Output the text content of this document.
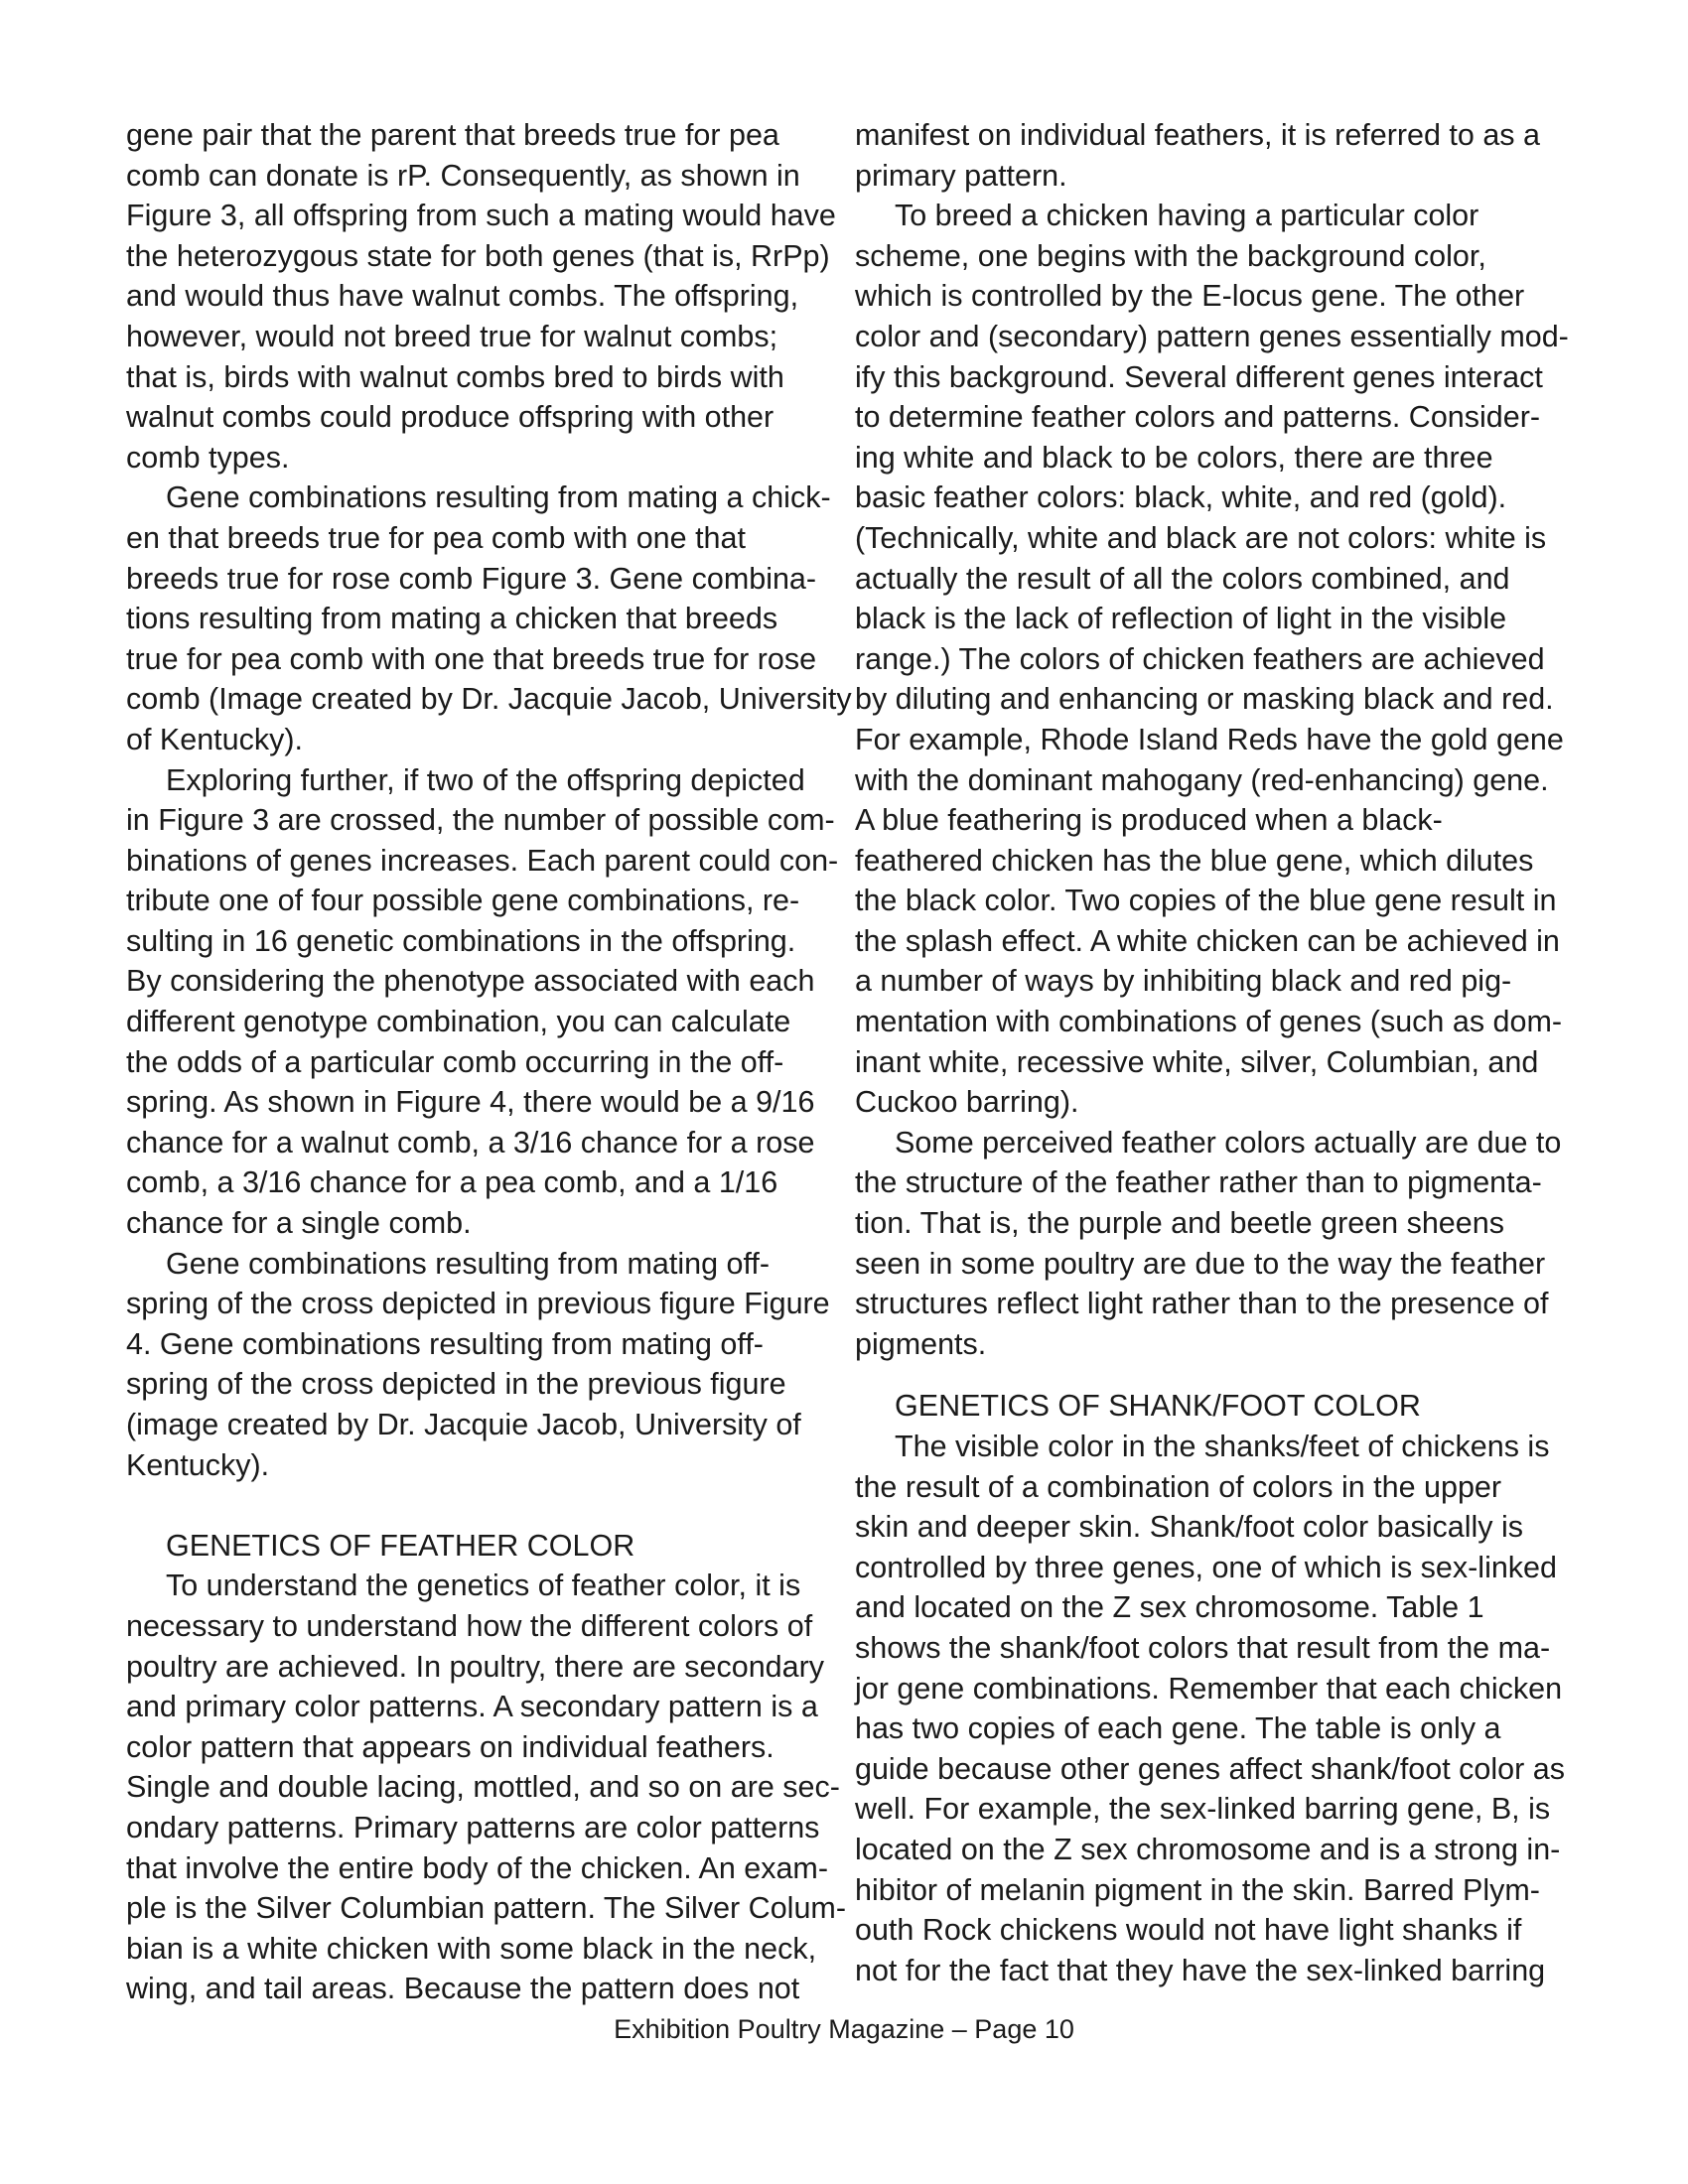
gene pair that the parent that breeds true for pea
comb can donate is rP. Consequently, as shown in
Figure 3, all offspring from such a mating would have
the heterozygous state for both genes (that is, RrPp)
and would thus have walnut combs. The offspring,
however, would not breed true for walnut combs;
that is, birds with walnut combs bred to birds with
walnut combs could produce offspring with other
comb types.
Gene combinations resulting from mating a chick-
en that breeds true for pea comb with one that
breeds true for rose comb Figure 3. Gene combina-
tions resulting from mating a chicken that breeds
true for pea comb with one that breeds true for rose
comb (Image created by Dr. Jacquie Jacob, University
of Kentucky).
Exploring further, if two of the offspring depicted
in Figure 3 are crossed, the number of possible com-
binations of genes increases. Each parent could con-
tribute one of four possible gene combinations, re-
sulting in 16 genetic combinations in the offspring.
By considering the phenotype associated with each
different genotype combination, you can calculate
the odds of a particular comb occurring in the off-
spring. As shown in Figure 4, there would be a 9/16
chance for a walnut comb, a 3/16 chance for a rose
comb, a 3/16 chance for a pea comb, and a 1/16
chance for a single comb.
Gene combinations resulting from mating off-
spring of the cross depicted in previous figure Figure
4. Gene combinations resulting from mating off-
spring of the cross depicted in the previous figure
(image created by Dr. Jacquie Jacob, University of
Kentucky).
GENETICS OF FEATHER COLOR
To understand the genetics of feather color, it is
necessary to understand how the different colors of
poultry are achieved. In poultry, there are secondary
and primary color patterns. A secondary pattern is a
color pattern that appears on individual feathers.
Single and double lacing, mottled, and so on are sec-
ondary patterns. Primary patterns are color patterns
that involve the entire body of the chicken. An exam-
ple is the Silver Columbian pattern. The Silver Colum-
bian is a white chicken with some black in the neck,
wing, and tail areas. Because the pattern does not
manifest on individual feathers, it is referred to as a
primary pattern.
To breed a chicken having a particular color
scheme, one begins with the background color,
which is controlled by the E-locus gene. The other
color and (secondary) pattern genes essentially mod-
ify this background. Several different genes interact
to determine feather colors and patterns. Consider-
ing white and black to be colors, there are three
basic feather colors: black, white, and red (gold).
(Technically, white and black are not colors: white is
actually the result of all the colors combined, and
black is the lack of reflection of light in the visible
range.) The colors of chicken feathers are achieved
by diluting and enhancing or masking black and red.
For example, Rhode Island Reds have the gold gene
with the dominant mahogany (red-enhancing) gene.
A blue feathering is produced when a black-
feathered chicken has the blue gene, which dilutes
the black color. Two copies of the blue gene result in
the splash effect. A white chicken can be achieved in
a number of ways by inhibiting black and red pig-
mentation with combinations of genes (such as dom-
inant white, recessive white, silver, Columbian, and
Cuckoo barring).
Some perceived feather colors actually are due to
the structure of the feather rather than to pigmenta-
tion. That is, the purple and beetle green sheens
seen in some poultry are due to the way the feather
structures reflect light rather than to the presence of
pigments.
GENETICS OF SHANK/FOOT COLOR
The visible color in the shanks/feet of chickens is
the result of a combination of colors in the upper
skin and deeper skin. Shank/foot color basically is
controlled by three genes, one of which is sex-linked
and located on the Z sex chromosome. Table 1
shows the shank/foot colors that result from the ma-
jor gene combinations. Remember that each chicken
has two copies of each gene. The table is only a
guide because other genes affect shank/foot color as
well. For example, the sex-linked barring gene, B, is
located on the Z sex chromosome and is a strong in-
hibitor of melanin pigment in the skin. Barred Plym-
outh Rock chickens would not have light shanks if
not for the fact that they have the sex-linked barring
Exhibition Poultry Magazine – Page 10
